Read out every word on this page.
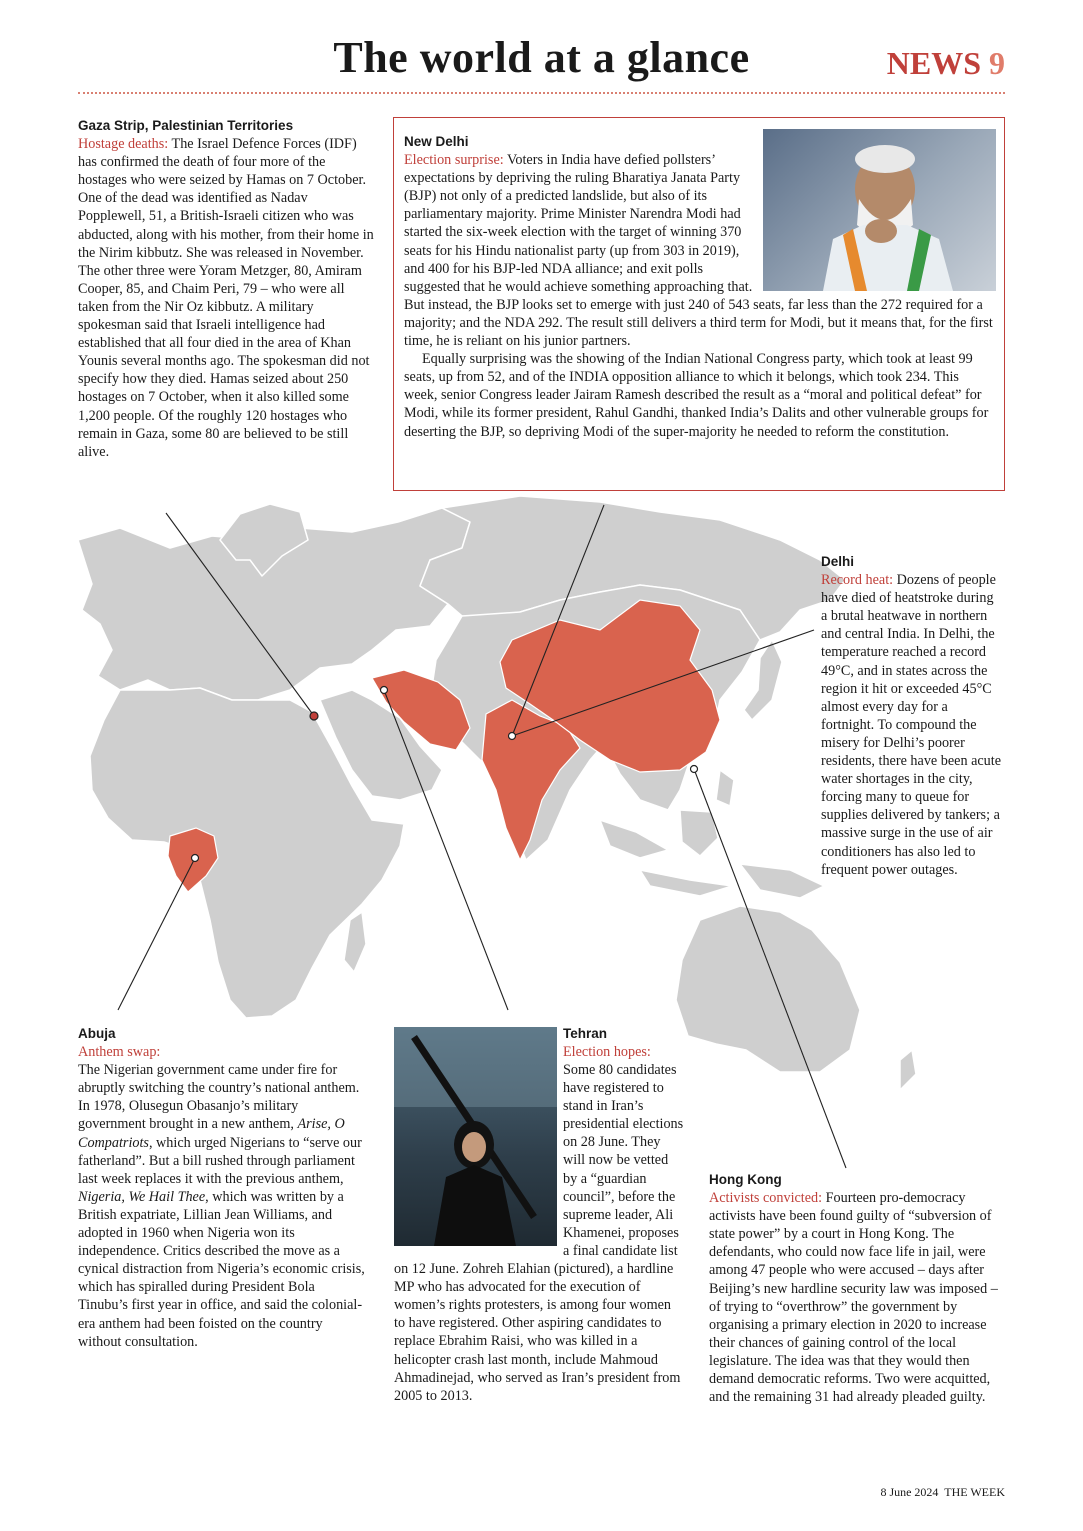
The world at a glance	NEWS 9

Gaza Strip, Palestinian Territories
Hostage deaths: The Israel Defence Forces (IDF) has confirmed the death of four more of the hostages who were seized by Hamas on 7 October. One of the dead was identified as Nadav Popplewell, 51, a British-Israeli citizen who was abducted, along with his mother, from their home in the Nirim kibbutz. She was released in November. The other three were Yoram Metzger, 80, Amiram Cooper, 85, and Chaim Peri, 79 – who were all taken from the Nir Oz kibbutz. A military spokesman said that Israeli intelligence had established that all four died in the area of Khan Younis several months ago. The spokesman did not specify how they died. Hamas seized about 250 hostages on 7 October, when it also killed some 1,200 people. Of the roughly 120 hostages who remain in Gaza, some 80 are believed to be still alive.

New Delhi
Election surprise: Voters in India have defied pollsters’ expectations by depriving the ruling Bharatiya Janata Party (BJP) not only of a predicted landslide, but also of its parliamentary majority. Prime Minister Narendra Modi had started the six-week election with the target of winning 370 seats for his Hindu nationalist party (up from 303 in 2019), and 400 for his BJP-led NDA alliance; and exit polls suggested that he would achieve something approaching that. But instead, the BJP looks set to emerge with just 240 of 543 seats, far less than the 272 required for a majority; and the NDA 292. The result still delivers a third term for Modi, but it means that, for the first time, he is reliant on his junior partners.

Equally surprising was the showing of the Indian National Congress party, which took at least 99 seats, up from 52, and of the INDIA opposition alliance to which it belongs, which took 234. This week, senior Congress leader Jairam Ramesh described the result as a “moral and political defeat” for Modi, while its former president, Rahul Gandhi, thanked India’s Dalits and other vulnerable groups for deserting the BJP, so depriving Modi of the super-majority he needed to reform the constitution.

Delhi
Record heat: Dozens of people have died of heatstroke during a brutal heatwave in northern and central India. In Delhi, the temperature reached a record 49°C, and in states across the region it hit or exceeded 45°C almost every day for a fortnight. To compound the misery for Delhi’s poorer residents, there have been acute water shortages in the city, forcing many to queue for supplies delivered by tankers; a massive surge in the use of air conditioners has also led to frequent power outages.

Abuja
Anthem swap:
The Nigerian government came under fire for abruptly switching the country’s national anthem. In 1978, Olusegun Obasanjo’s military government brought in a new anthem, Arise, O Compatriots, which urged Nigerians to “serve our fatherland”. But a bill rushed through parliament last week replaces it with the previous anthem, Nigeria, We Hail Thee, which was written by a British expatriate, Lillian Jean Williams, and adopted in 1960 when Nigeria won its independence. Critics described the move as a cynical distraction from Nigeria’s economic crisis, which has spiralled during President Bola Tinubu’s first year in office, and said the colonial-era anthem had been foisted on the country without consultation.

Tehran
Election hopes:

Some 80 candidates have registered to stand in Iran’s presidential elections on 28 June. They will now be vetted by a “guardian council”, before the supreme leader, Ali Khamenei, proposes a final candidate list on 12 June. Zohreh Elahian (pictured), a hardline MP who has advocated for the execution of women’s rights protesters, is among four women to have registered. Other aspiring candidates to replace Ebrahim Raisi, who was killed in a helicopter crash last month, include Mahmoud Ahmadinejad, who served as Iran’s president from 2005 to 2013.

Hong Kong
Activists convicted: Fourteen pro-democracy activists have been found guilty of “subversion of state power” by a court in Hong Kong. The defendants, who could now face life in jail, were among 47 people who were accused – days after Beijing’s new hardline security law was imposed – of trying to “overthrow” the government by organising a primary election in 2020 to increase their chances of gaining control of the local legislature. The idea was that they would then demand democratic reforms. Two were acquitted, and the remaining 31 had already pleaded guilty.

8 June 2024 THE WEEK
